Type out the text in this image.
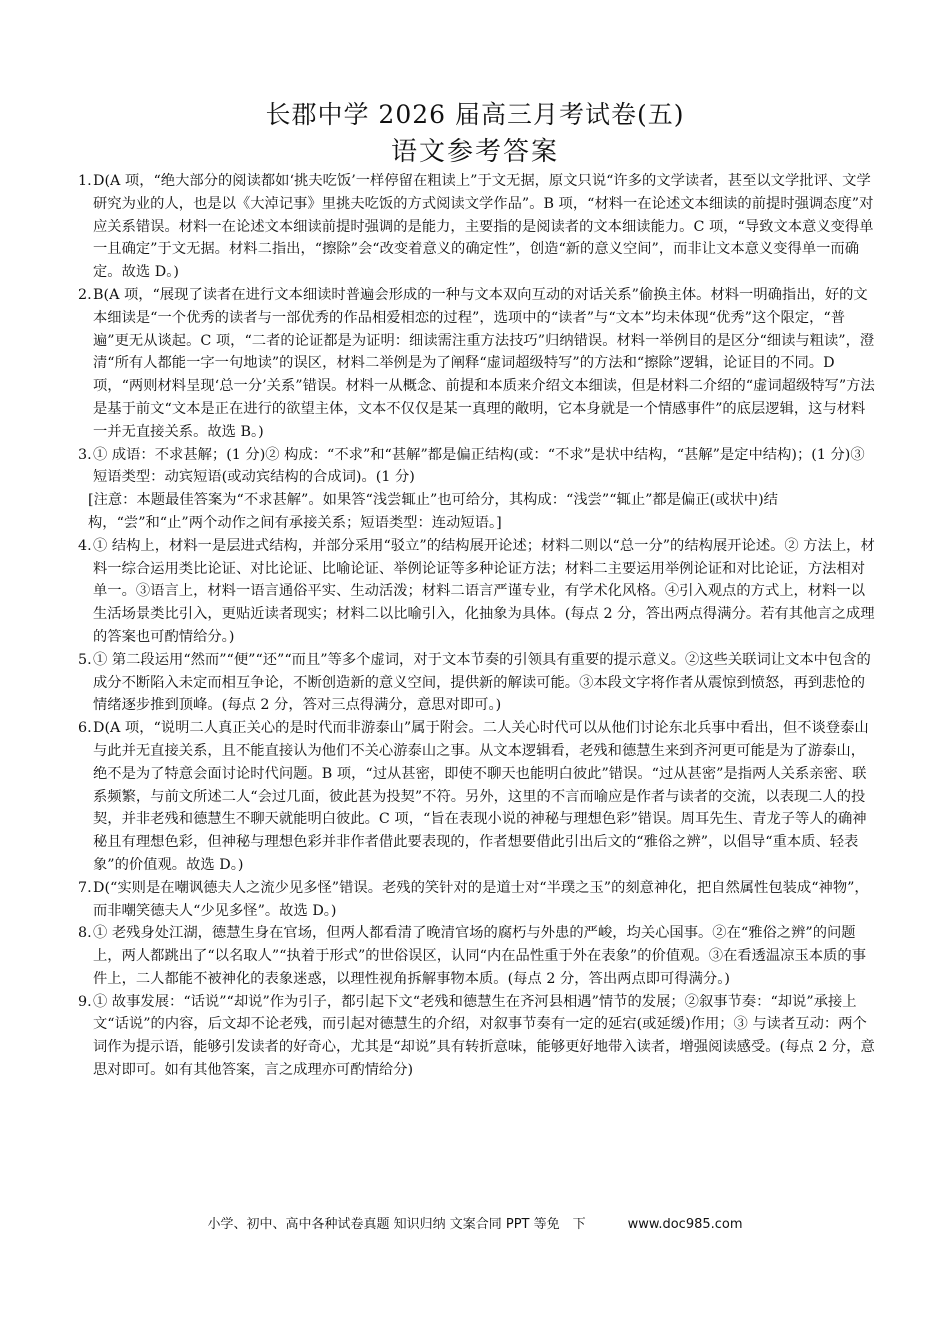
长郡中学 2026 届高三月考试卷(五)
语文参考答案
1. D(A 项，“绝大部分的阅读都如‘挑夫吃饭’一样停留在粗读上”于文无据，原文只说“许多的文学读者，甚至以文学批评、文学研究为业的人，也是以《大淖记事》里挑夫吃饭的方式阅读文学作品”。B 项，“材料一在论述文本细读的前提时强调态度”对应关系错误。材料一在论述文本细读前提时强调的是能力，主要指的是阅读者的文本细读能力。C 项，“导致文本意义变得单一且确定”于文无据。材料二指出，“擦除”会“改变着意义的确定性”，创造“新的意义空间”，而非让文本意义变得单一而确定。故选 D。)
2. B(A 项，“展现了读者在进行文本细读时普遍会形成的一种与文本双向互动的对话关系”偷换主体。材料一明确指出，好的文本细读是“一个优秀的读者与一部优秀的作品相爱相恋的过程”，选项中的“读者”与“文本”均未体现“优秀”这个限定，“普遍”更无从谈起。C 项，“二者的论证都是为证明：细读需注重方法技巧”归纳错误。材料一举例目的是区分“细读与粗读”，澄清“所有人都能一字一句地读”的误区，材料二举例是为了阐释“虚词超级特写”的方法和“擦除”逻辑，论证目的不同。D 项，“两则材料呈现‘总一分’关系”错误。材料一从概念、前提和本质来介绍文本细读，但是材料二介绍的“虚词超级特写”方法是基于前文“文本是正在进行的欲望主体，文本不仅仅是某一真理的敞明，它本身就是一个情感事件”的底层逻辑，这与材料一并无直接关系。故选 B。)
3. ① 成语：不求甚解；(1 分)② 构成：“不求”和“甚解”都是偏正结构(或：“不求”是状中结构，“甚解”是定中结构)；(1 分)③ 短语类型：动宾短语(或动宾结构的合成词)。(1 分)
[注意：本题最佳答案为“不求甚解”。如果答“浅尝辄止”也可给分，其构成：“浅尝”“辄止”都是偏正(或状中)结构，“尝”和“止”两个动作之间有承接关系；短语类型：连动短语。]
4. ① 结构上，材料一是层进式结构，并部分采用“驳立”的结构展开论述；材料二则以“总一分”的结构展开论述。② 方法上，材料一综合运用类比论证、对比论证、比喻论证、举例论证等多种论证方法；材料二主要运用举例论证和对比论证，方法相对单一。③语言上，材料一语言通俗平实、生动活泼；材料二语言严谨专业，有学术化风格。④引入观点的方式上，材料一以生活场景类比引入，更贴近读者现实；材料二以比喻引入，化抽象为具体。(每点 2 分，答出两点得满分。若有其他言之成理的答案也可酌情给分。)
5. ① 第二段运用“然而”“便”“还”“而且”等多个虚词，对于文本节奏的引领具有重要的提示意义。②这些关联词让文本中包含的成分不断陷入未定而相互争论，不断创造新的意义空间，提供新的解读可能。③本段文字将作者从震惊到愤怒，再到悲怆的情绪逐步推到顶峰。(每点 2 分，答对三点得满分，意思对即可。)
6. D(A 项，“说明二人真正关心的是时代而非游泰山”属于附会。二人关心时代可以从他们讨论东北兵事中看出，但不谈登泰山与此并无直接关系，且不能直接认为他们不关心游泰山之事。从文本逻辑看，老残和德慧生来到齐河更可能是为了游泰山，绝不是为了特意会面讨论时代问题。B 项，“过从甚密，即使不聊天也能明白彼此”错误。“过从甚密”是指两人关系亲密、联系频繁，与前文所述二人“会过几面，彼此甚为投契”不符。另外，这里的不言而喻应是作者与读者的交流，以表现二人的投契，并非老残和德慧生不聊天就能明白彼此。C 项，“旨在表现小说的神秘与理想色彩”错误。周耳先生、青龙子等人的确神秘且有理想色彩，但神秘与理想色彩并非作者借此要表现的，作者想要借此引出后文的“雅俗之辨”，以倡导“重本质、轻表象”的价值观。故选 D。)
7. D(“实则是在嘲讽德夫人之流少见多怪”错误。老残的笑针对的是道士对“半璞之玉”的刻意神化，把自然属性包装成“神物”，而非嘲笑德夫人“少见多怪”。故选 D。)
8. ① 老残身处江湖，德慧生身在官场，但两人都看清了晚清官场的腐朽与外患的严峻，均关心国事。②在“雅俗之辨”的问题上，两人都跳出了“以名取人”“执着于形式”的世俗误区，认同“内在品性重于外在表象”的价值观。③在看透温凉玉本质的事件上，二人都能不被神化的表象迷惑，以理性视角拆解事物本质。(每点 2 分，答出两点即可得满分。)
9. ① 故事发展：“话说”“却说”作为引子，都引起下文“老残和德慧生在齐河县相遇”情节的发展；②叙事节奏：“却说”承接上文“话说”的内容，后文却不论老残，而引起对德慧生的介绍，对叙事节奏有一定的延宕(或延缓)作用；③ 与读者互动：两个词作为提示语，能够引发读者的好奇心，尤其是“却说”具有转折意味，能够更好地带入读者，增强阅读感受。(每点 2 分，意思对即可。如有其他答案，言之成理亦可酌情给分)
小学、初中、高中各种试卷真题 知识归纳 文案合同 PPT 等免　下	www.doc985.com
